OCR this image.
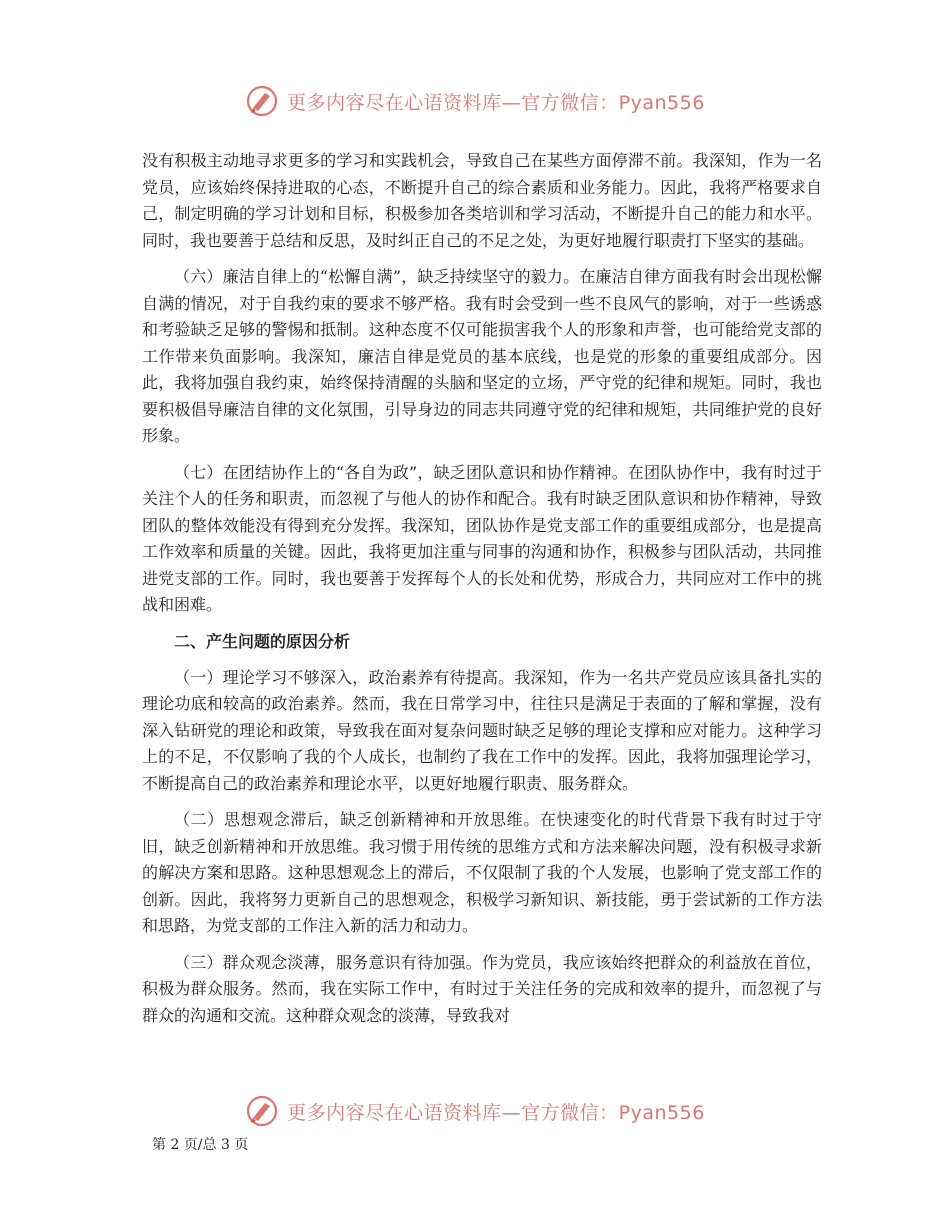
更多内容尽在心语资料库—官方微信：Pyan556

没有积极主动地寻求更多的学习和实践机会，导致自己在某些方面停滞不前。我深知，作为一名党员，应该始终保持进取的心态，不断提升自己的综合素质和业务能力。因此，我将严格要求自己，制定明确的学习计划和目标，积极参加各类培训和学习活动，不断提升自己的能力和水平。同时，我也要善于总结和反思，及时纠正自己的不足之处，为更好地履行职责打下坚实的基础。

（六）廉洁自律上的“松懈自满”，缺乏持续坚守的毅力。在廉洁自律方面我有时会出现松懈自满的情况，对于自我约束的要求不够严格。我有时会受到一些不良风气的影响，对于一些诱惑和考验缺乏足够的警惕和抵制。这种态度不仅可能损害我个人的形象和声誉，也可能给党支部的工作带来负面影响。我深知，廉洁自律是党员的基本底线，也是党的形象的重要组成部分。因此，我将加强自我约束，始终保持清醒的头脑和坚定的立场，严守党的纪律和规矩。同时，我也要积极倡导廉洁自律的文化氛围，引导身边的同志共同遵守党的纪律和规矩，共同维护党的良好形象。

（七）在团结协作上的“各自为政”，缺乏团队意识和协作精神。在团队协作中，我有时过于关注个人的任务和职责，而忽视了与他人的协作和配合。我有时缺乏团队意识和协作精神，导致团队的整体效能没有得到充分发挥。我深知，团队协作是党支部工作的重要组成部分，也是提高工作效率和质量的关键。因此，我将更加注重与同事的沟通和协作，积极参与团队活动，共同推进党支部的工作。同时，我也要善于发挥每个人的长处和优势，形成合力，共同应对工作中的挑战和困难。

二、产生问题的原因分析

（一）理论学习不够深入，政治素养有待提高。我深知，作为一名共产党员应该具备扎实的理论功底和较高的政治素养。然而，我在日常学习中，往往只是满足于表面的了解和掌握，没有深入钻研党的理论和政策，导致我在面对复杂问题时缺乏足够的理论支撑和应对能力。这种学习上的不足，不仅影响了我的个人成长，也制约了我在工作中的发挥。因此，我将加强理论学习，不断提高自己的政治素养和理论水平，以更好地履行职责、服务群众。

（二）思想观念滞后，缺乏创新精神和开放思维。在快速变化的时代背景下我有时过于守旧，缺乏创新精神和开放思维。我习惯于用传统的思维方式和方法来解决问题，没有积极寻求新的解决方案和思路。这种思想观念上的滞后，不仅限制了我的个人发展，也影响了党支部工作的创新。因此，我将努力更新自己的思想观念，积极学习新知识、新技能，勇于尝试新的工作方法和思路，为党支部的工作注入新的活力和动力。

（三）群众观念淡薄，服务意识有待加强。作为党员，我应该始终把群众的利益放在首位，积极为群众服务。然而，我在实际工作中，有时过于关注任务的完成和效率的提升，而忽视了与群众的沟通和交流。这种群众观念的淡薄，导致我对

更多内容尽在心语资料库—官方微信：Pyan556
第 2 页/总 3 页
